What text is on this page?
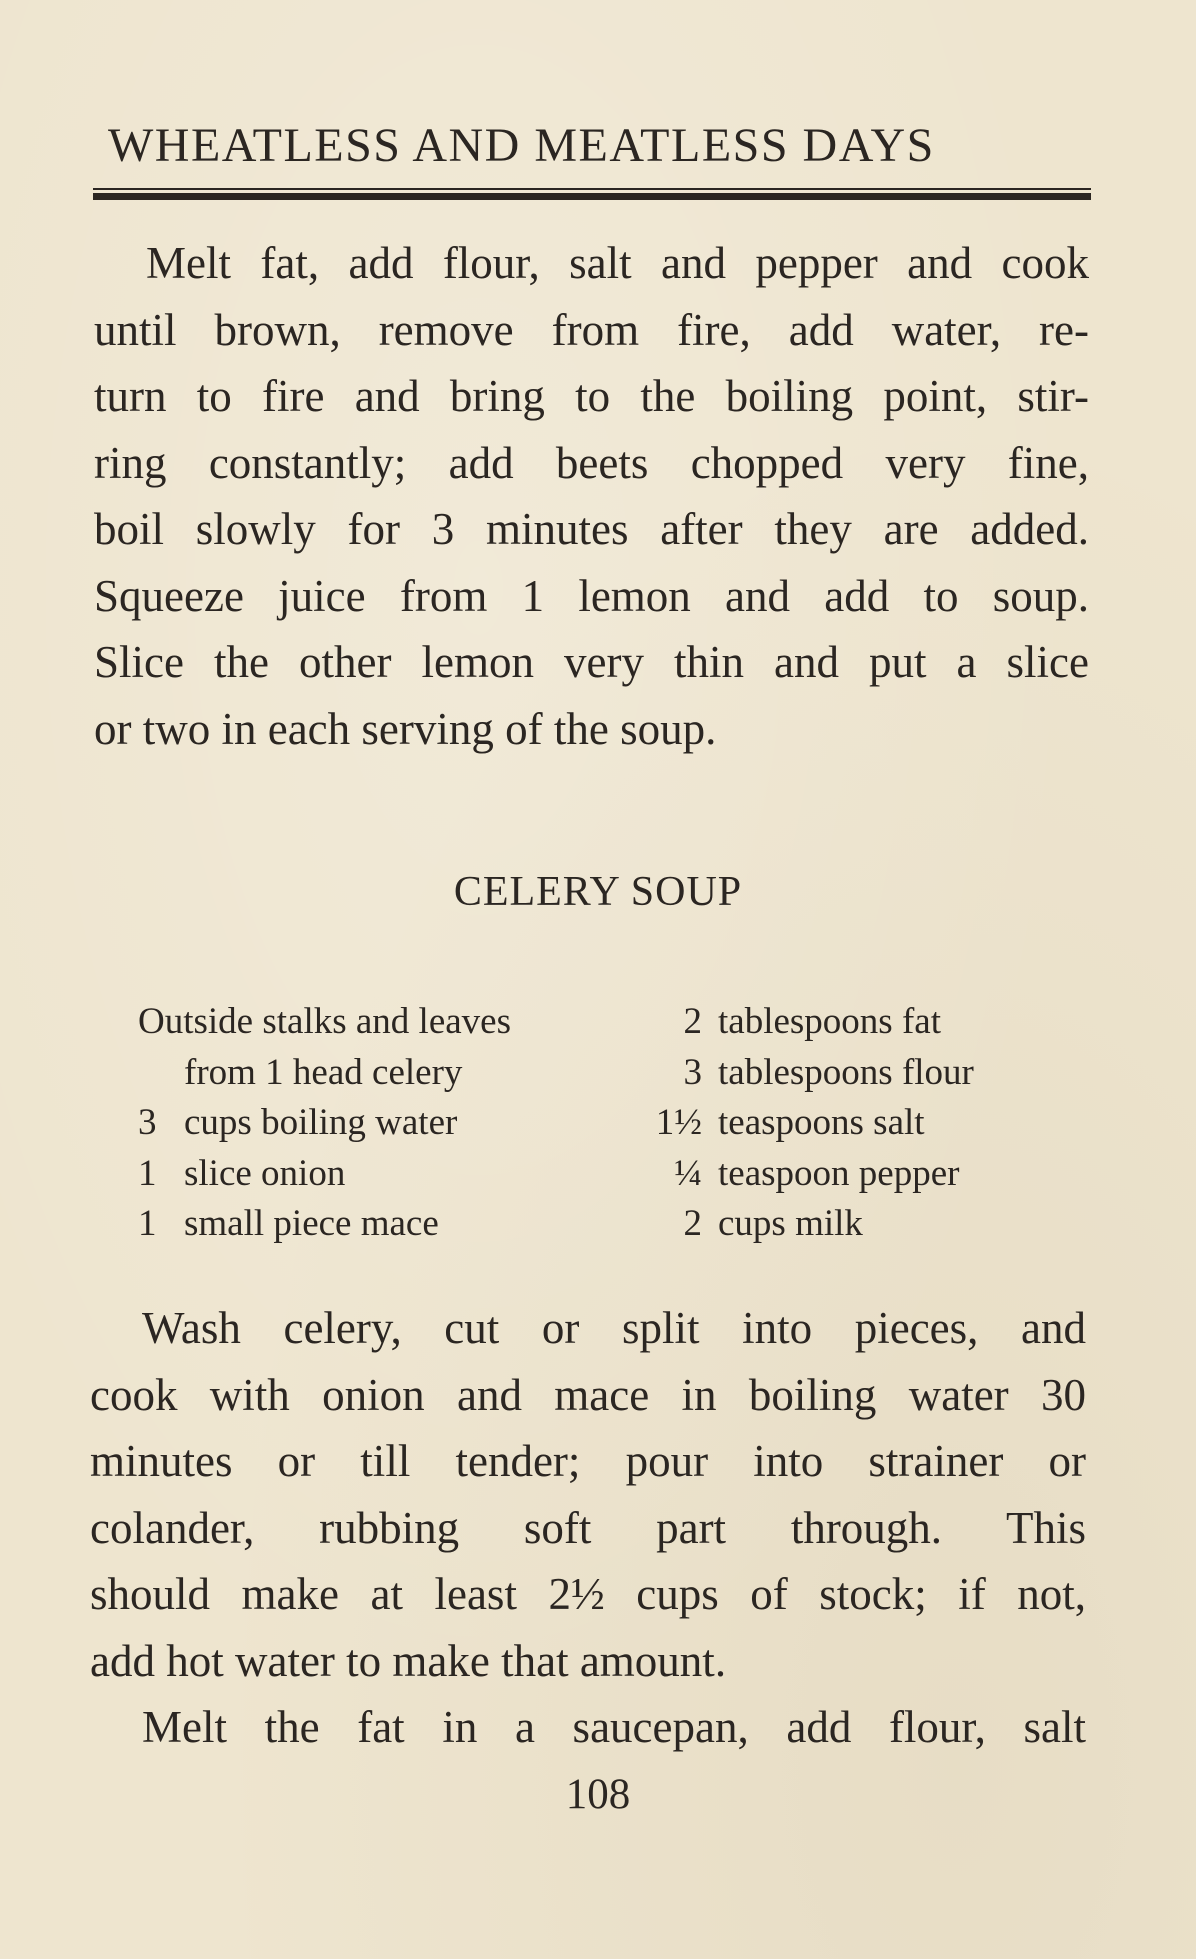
WHEATLESS AND MEATLESS DAYS
Melt fat, add flour, salt and pepper and cook
until brown, remove from fire, add water, re-
turn to fire and bring to the boiling point, stir-
ring constantly; add beets chopped very fine,
boil slowly for 3 minutes after they are added.
Squeeze juice from 1 lemon and add to soup.
Slice the other lemon very thin and put a slice
or two in each serving of the soup.
CELERY SOUP
Outside stalks and leaves
from 1 head celery
3 cups boiling water
1 slice onion
1 small piece mace
2 tablespoons fat
3 tablespoons flour
1½ teaspoons salt
¼ teaspoon pepper
2 cups milk
Wash celery, cut or split into pieces, and
cook with onion and mace in boiling water 30
minutes or till tender; pour into strainer or
colander, rubbing soft part through. This
should make at least 2½ cups of stock; if not,
add hot water to make that amount.
Melt the fat in a saucepan, add flour, salt
108
